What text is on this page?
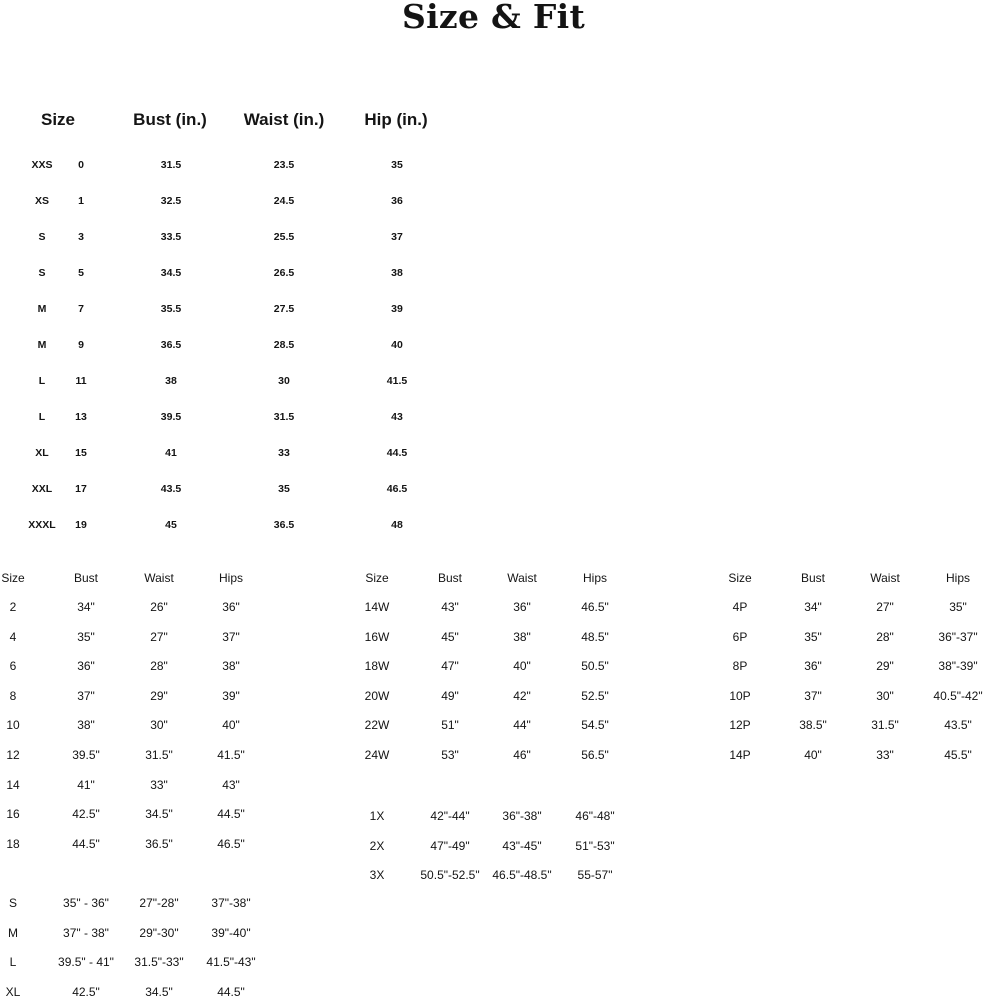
Size & Fit
Size	Bust (in.) Waist (in.) Hip (in.)
XXS 0	31.5	23.5	35
XS	1	32.5	24.5	36
S	3	33.5	25.5	37
S	5	34.5	26.5	38
M	7	35.5	27.5	39
M	9	36.5	28.5	40
L	11	38	30	41.5
L	13	39.5	31.5	43
XL	15	41	33	44.5
XXL 17	43.5	35	46.5
XXXL 19	45	36.5	48
Size	Bust	Waist	Hips
2	34"	26"	36"
4	35"	27"	37"
6	36"	28"	38"
8	37"	29"	39"
10	38"	30"	40"
12	39.5"	31.5"	41.5"
14	41"	33"	43"
16	42.5"	34.5"	44.5"
18	44.5"	36.5"	46.5"
S	35" - 36"	27"-28"	37"-38"
M	37" - 38"	29"-30"	39"-40"
L	39.5" - 41" 31.5"-33" 41.5"-43"
XL	42.5"	34.5"	44.5"
Size	Bust	Waist	Hips
14W	43"	36"	46.5"
16W	45"	38"	48.5"
18W	47"	40"	50.5"
20W	49"	42"	52.5"
22W	51"	44"	54.5"
24W	53"	46"	56.5"
1X	42"-44"	36"-38"	46"-48"
2X	47"-49"	43"-45"	51"-53"
3X	50.5"-52.5" 46.5"-48.5" 55-57"
Size	Bust	Waist	Hips
4P	34"	27"	35"
6P	35"	28"	36"-37"
8P	36"	29"	38"-39"
10P	37"	30"	40.5"-42"
12P	38.5"	31.5"	43.5"
14P	40"	33"	45.5"
